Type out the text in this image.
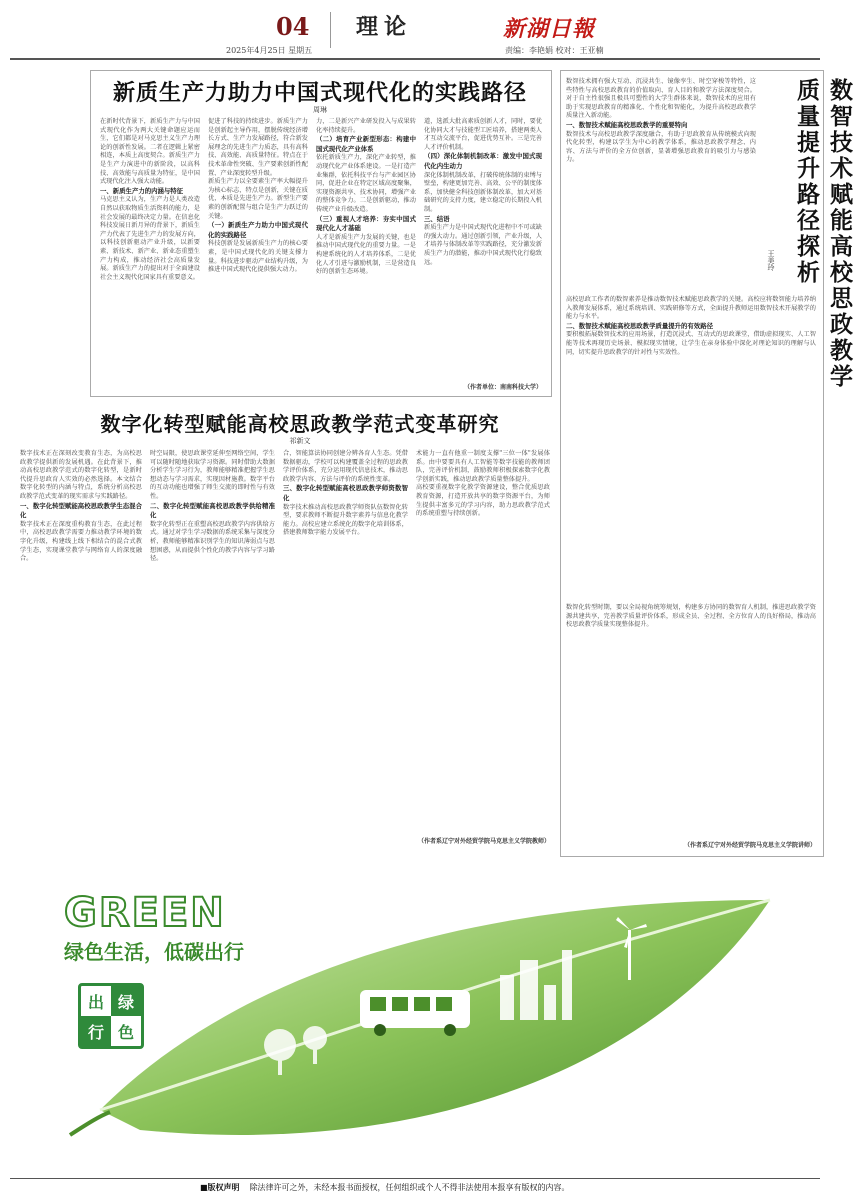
04
2025年4月25日 星期五
理论	新湖日報
责编：李艳娟 校对：王亚楠
新质生产力助力中国式现代化的实践路径
周琳
在新时代背景下，新质生产力与中国式现代化作为两大关键命题应运而生，它们都是对马克思主义生产力理论的创新性发展。二者在逻辑上紧密相连，本质上高度契合。新质生产力是生产力演进中的新阶段，以高科技、高效能与高质量为特征，是中国式现代化注入强大动能。
一、新质生产力的内涵与特征
马克思主义认为，生产力是人类改造自然以获取物质生活资料的能力，是社会发展的最终决定力量。在信息化科技发展日新月异的背景下，新质生产力代表了先进生产力的发展方向，以科技创新驱动产业升级，以新要素、新技术、新产业、新业态重塑生产力构成，推动经济社会高质量发展。新质生产力的提出对于全面建设社会主义现代化国家具有重要意义。
促进了科技的持续进步。新质生产力是创新起主导作用，摆脱传统经济增长方式、生产力发展路径，符合新发展理念的先进生产力质态，具有高科技、高效能、高质量特征。特点在于技术革命性突破、生产要素创新性配置、产业深度转型升级。
新质生产力以全要素生产率大幅提升为核心标志，特点是创新，关键在质优，本质是先进生产力。新型生产要素的创新配置与组合是生产力跃迁的关键。
（一）新质生产力助力中国式现代化的实践路径
科技创新是发展新质生产力的核心要素，是中国式现代化的关键支撑力量。科技进步驱动产业结构升级，为推进中国式现代化提供强大动力。
力，二是新兴产业研发投入与成果转化率持续提升。
（二）培育产业新型形态：构建中国式现代化产业体系
依托新质生产力，深化产业转型，推动现代化产业体系建设。一是打造产业集群，依托科技平台与产业园区协同，促进企业在特定区域高度聚集，实现资源共享、技术协同，增强产业的整体竞争力。二是创新驱动，推动传统产业升级改造。
（三）重视人才培养：夯实中国式现代化人才基础
人才是新质生产力发展的关键，也是推动中国式现代化的重要力量。一是构建系统化的人才培养体系，二是优化人才引进与激励机制，三是营造良好的创新生态环境。
道，选派大批高素质创新人才，同时，要优化协同大才与技能型工匠培养，搭建两类人才互动交流平台，促进优势互补。三是完善人才评价机制。
（四）深化体制机制改革：激发中国式现代化内生动力
深化体制机制改革，打破传统体制的束缚与壁垒，构建更加完善、高效、公平的制度体系，加快健全科技创新体制改革，加大对基础研究的支持力度，建立稳定的长期投入机制。
三、结语
新质生产力是中国式现代化进程中不可或缺的强大动力。通过创新引领，产业升级，人才培养与体制改革等实践路径，充分激发新质生产力的潜能，推动中国式现代化行稳致远。
（作者单位：南南科技大学）
数字化转型赋能高校思政教学范式变革研究
祁新文
数字技术正在深刻改变教育生态，为高校思政教学提供新的发展机遇。在此背景下，推动高校思政教学范式的数字化转型，是新时代提升思政育人实效的必然选择。本文结合数字化转型的内涵与特点，系统分析高校思政教学范式变革的现实需求与实践路径。
一、数字化转型赋能高校思政教学生态混合化
数字技术正在深度重构教育生态，在此过程中，高校思政教学需要力推动教学环境的数字化升级，构建线上线下相结合的混合式教学生态，实现课堂教学与网络育人的深度融合。
时空局限，使思政课堂延伸至网络空间，学生可以随时随地获取学习资源。同时借助大数据分析学生学习行为，教师能够精准把握学生思想动态与学习需求，实现因材施教。数字平台的互动功能也增强了师生交流的即时性与有效性。
二、数字化转型赋能高校思政教学供给精准化
数字化转型正在重塑高校思政教学内容供给方式。通过对学生学习数据的系统采集与深度分析，教师能够精准识别学生的知识薄弱点与思想困惑，从而提供个性化的教学内容与学习路径。
合，智能算法协同创建分辨各育人生态。凭借数据驱动，学校可以构建覆盖全过程的思政教学评价体系，充分运用现代信息技术，推动思政教学内容、方法与评价的系统性变革。
三、数字化转型赋能高校思政教学师资数智化
数字技术推动高校思政教学师资队伍数智化转型，要求教师不断提升数字素养与信息化教学能力。高校应建立系统化的数字化培训体系，搭建教师数字能力发展平台。
术能力一直有他重一制度支撑"三位一体"发展体系。由中要要具有人工智能等数字技能的教师团队，完善评价机制，鼓励教师积极探索数字化教学创新实践，推动思政教学质量整体提升。
高校要重视数字化教学资源建设，整合优质思政教育资源，打造开放共享的数字资源平台，为师生提供丰富多元的学习内容，助力思政教学范式的系统重塑与持续创新。
（作者系辽宁对外经贸学院马克思主义学院教师）
数智技术赋能高校思政教学质量提升路径探析
王美玲
数智技术拥有强大互动、沉浸共生、镜像孪生、时空穿梭等特性，这些特性与高校思政教育的价值取向、育人目的和教学方法深度契合。对于自主性很强且极具可塑性的大学生群体来说，数智技术的应用有助于实现思政教育的精准化、个性化和智能化，为提升高校思政教学质量注入新动能。
一、数智技术赋能高校思政教学的重要特向
数智技术与高校思政教学深度融合，有助于思政教育从传统模式向现代化转型，构建以学生为中心的教学体系，推动思政教学理念、内容、方法与评价的全方位创新，显著增强思政教育的吸引力与感染力。
高校思政工作者的数智素养是推动数智技术赋能思政教学的关键。高校应将数智能力培养纳入教师发展体系，通过系统培训、实践研修等方式，全面提升教师运用数智技术开展教学的能力与水平。
二、数智技术赋能高校思政教学质量提升的有效路径
要积极拓展数智技术的应用场景，打造沉浸式、互动式的思政课堂，借助虚拟现实、人工智能等技术再现历史场景、模拟现实情境，让学生在亲身体验中深化对理论知识的理解与认同，切实提升思政教学的针对性与实效性。
数智化转型时期，要以全局视角统筹规划，构建多方协同的数智育人机制，推进思政教学资源共建共享，完善教学质量评价体系，形成全员、全过程、全方位育人的良好格局，推动高校思政教学质量实现整体提升。
（作者系辽宁对外经贸学院马克思主义学院讲师）
GREEN
绿色生活，低碳出行
出 绿
行 色
■版权声明 除法律许可之外，未经本报书面授权，任何组织或个人不得非法使用本报享有版权的内容。
